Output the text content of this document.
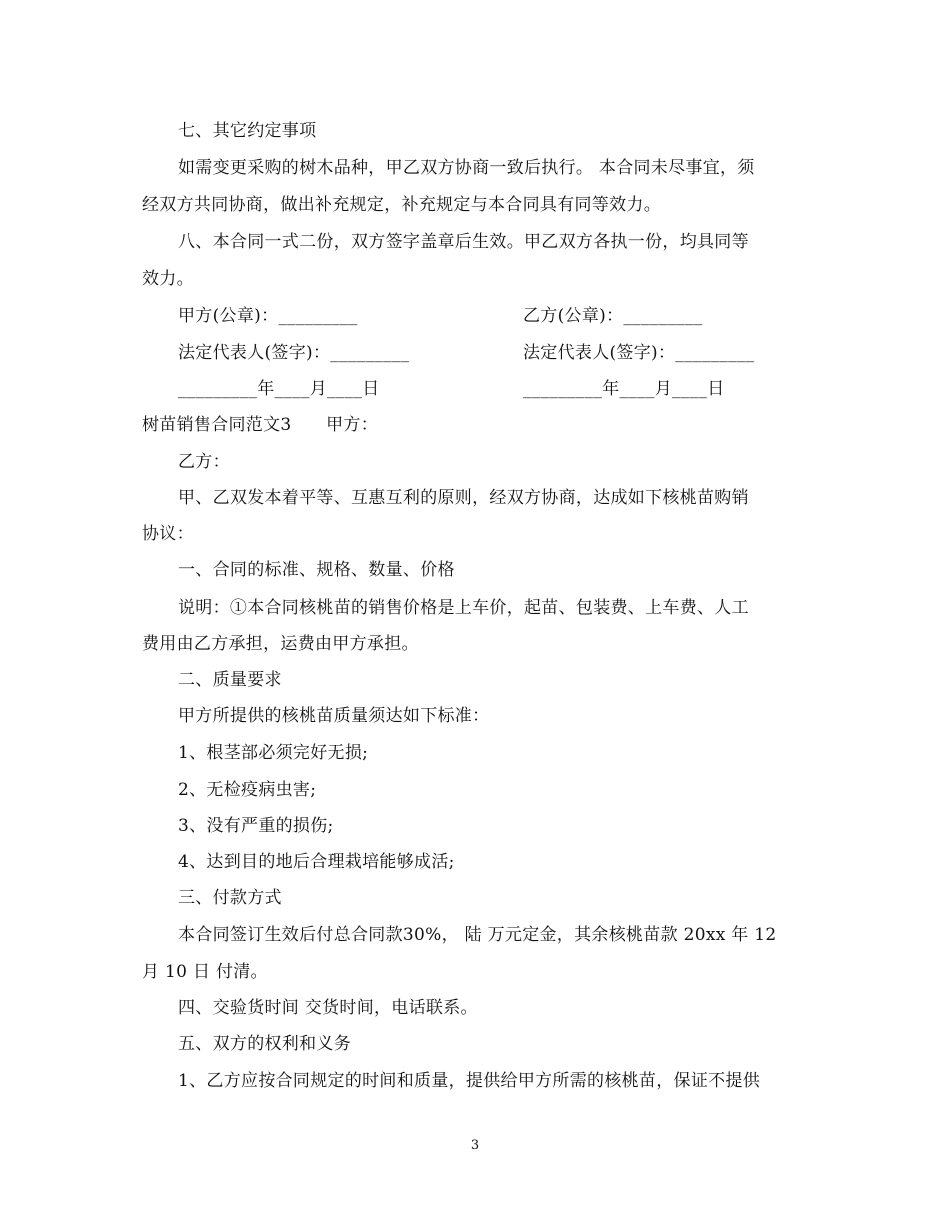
七、其它约定事项
如需变更采购的树木品种，甲乙双方协商一致后执行。 本合同未尽事宜，须
经双方共同协商，做出补充规定，补充规定与本合同具有同等效力。
八、本合同一式二份，双方签字盖章后生效。甲乙双方各执一份，均具同等
效力。
甲方(公章)：_________	乙方(公章)：_________
法定代表人(签字)：_________	法定代表人(签字)：_________
_________年____月____日	_________年____月____日
树苗销售合同范文3　　甲方：
乙方：
甲、乙双发本着平等、互惠互利的原则，经双方协商，达成如下核桃苗购销
协议：
一、合同的标准、规格、数量、价格
说明：①本合同核桃苗的销售价格是上车价，起苗、包装费、上车费、人工
费用由乙方承担，运费由甲方承担。
二、质量要求
甲方所提供的核桃苗质量须达如下标准：
1、根茎部必须完好无损;
2、无检疫病虫害;
3、没有严重的损伤;
4、达到目的地后合理栽培能够成活;
三、付款方式
本合同签订生效后付总合同款30%， 陆 万元定金，其余核桃苗款 20xx 年 12
月 10 日 付清。
四、交验货时间 交货时间，电话联系。
五、双方的权利和义务
1、乙方应按合同规定的时间和质量，提供给甲方所需的核桃苗，保证不提供
3
